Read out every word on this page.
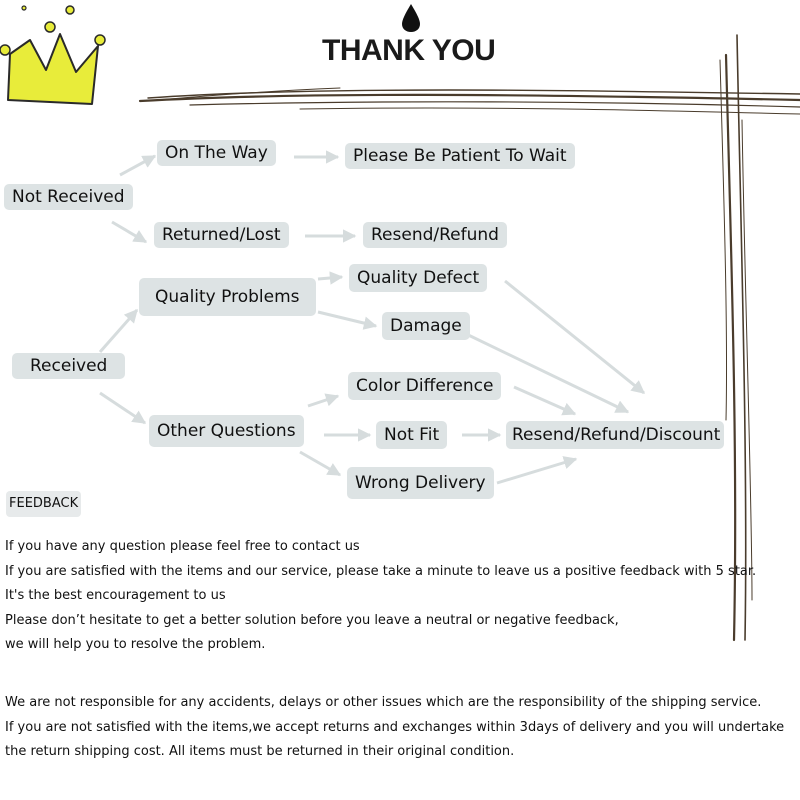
THANK YOU
Not Received
On The Way	Please Be Patient To Wait
Returned/Lost	Resend/Refund
Received
Quality Problems
Quality Defect
Damage
Other Questions
Color Difference
Not Fit
Wrong Delivery
Resend/Refund/Discount
FEEDBACK

If you have any question please feel free to contact us

If you are satisfied with the items and our service, please take a minute to leave us a positive feedback with 5 star.

It's the best encouragement to us

Please don’t hesitate to get a better solution before you leave a neutral or negative feedback,

we will help you to resolve the problem.

We are not responsible for any accidents, delays or other issues which are the responsibility of the shipping service.

If you are not satisfied with the items,we accept returns and exchanges within 3days of delivery and you will undertake

the return shipping cost. All items must be returned in their original condition.
